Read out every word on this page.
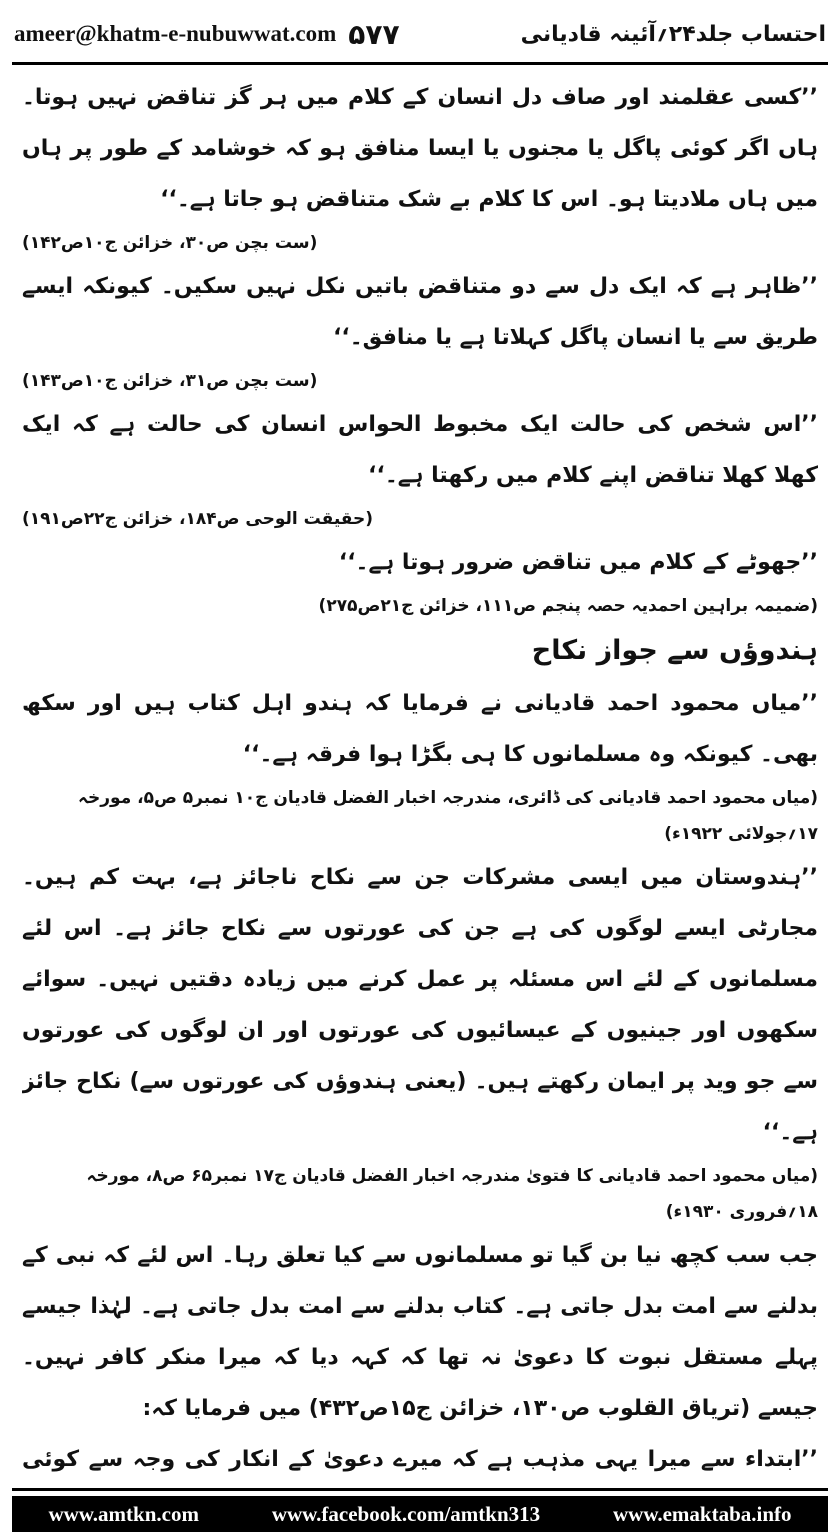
ameer@khatm-e-nubuwwat.com ۵۷۷	احتساب جلد۲۴؍آئینہ قادیانی

’’کسی عقلمند اور صاف دل انسان کے کلام میں ہر گز تناقض نہیں ہوتا۔ ہاں اگر کوئی پاگل یا مجنوں یا ایسا منافق ہو کہ خوشامد کے طور پر ہاں میں ہاں ملادیتا ہو۔ اس کا کلام بے شک متناقض ہو جاتا ہے۔‘‘

(ست بچن ص۳۰، خزائن ج۱۰ص۱۴۲)

’’ظاہر ہے کہ ایک دل سے دو متناقض باتیں نکل نہیں سکیں۔ کیونکہ ایسے طریق سے یا انسان پاگل کہلاتا ہے یا منافق۔‘‘

(ست بچن ص۳۱، خزائن ج۱۰ص۱۴۳)

’’اس شخص کی حالت ایک مخبوط الحواس انسان کی حالت ہے کہ ایک کھلا کھلا تناقض اپنے کلام میں رکھتا ہے۔‘‘

(حقیقت الوحی ص۱۸۴، خزائن ج۲۲ص۱۹۱)

’’جھوٹے کے کلام میں تناقض ضرور ہوتا ہے۔‘‘

(ضمیمہ براہین احمدیہ حصہ پنجم ص۱۱۱، خزائن ج۲۱ص۲۷۵)

ہندوؤں سے جواز نکاح

’’میاں محمود احمد قادیانی نے فرمایا کہ ہندو اہل کتاب ہیں اور سکھ بھی۔ کیونکہ وہ مسلمانوں کا ہی بگڑا ہوا فرقہ ہے۔‘‘

(میاں محمود احمد قادیانی کی ڈائری، مندرجہ اخبار الفضل قادیان ج۱۰ نمبر۵ ص۵، مورخہ ۱۷؍جولائی ۱۹۲۲ء)

’’ہندوستان میں ایسی مشرکات جن سے نکاح ناجائز ہے، بہت کم ہیں۔ مجارٹی ایسے لوگوں کی ہے جن کی عورتوں سے نکاح جائز ہے۔ اس لئے مسلمانوں کے لئے اس مسئلہ پر عمل کرنے میں زیادہ دقتیں نہیں۔ سوائے سکھوں اور جینیوں کے عیسائیوں کی عورتوں اور ان لوگوں کی عورتوں سے جو وید پر ایمان رکھتے ہیں۔ (یعنی ہندوؤں کی عورتوں سے) نکاح جائز ہے۔‘‘

(میاں محمود احمد قادیانی کا فتویٰ مندرجہ اخبار الفضل قادیان ج۱۷ نمبر۶۵ ص۸، مورخہ ۱۸؍فروری ۱۹۳۰ء)

جب سب کچھ نیا بن گیا تو مسلمانوں سے کیا تعلق رہا۔ اس لئے کہ نبی کے بدلنے سے امت بدل جاتی ہے۔ کتاب بدلنے سے امت بدل جاتی ہے۔ لہٰذا جیسے پہلے مستقل نبوت کا دعویٰ نہ تھا کہ کہہ دیا کہ میرا منکر کافر نہیں۔ جیسے (تریاق القلوب ص۱۳۰، خزائن ج۱۵ص۴۳۲) میں فرمایا کہ:

’’ابتداء سے میرا یہی مذہب ہے کہ میرے دعویٰ کے انکار کی وجہ سے کوئی

www.amtkn.com	www.facebook.com/amtkn313	www.emaktaba.info
